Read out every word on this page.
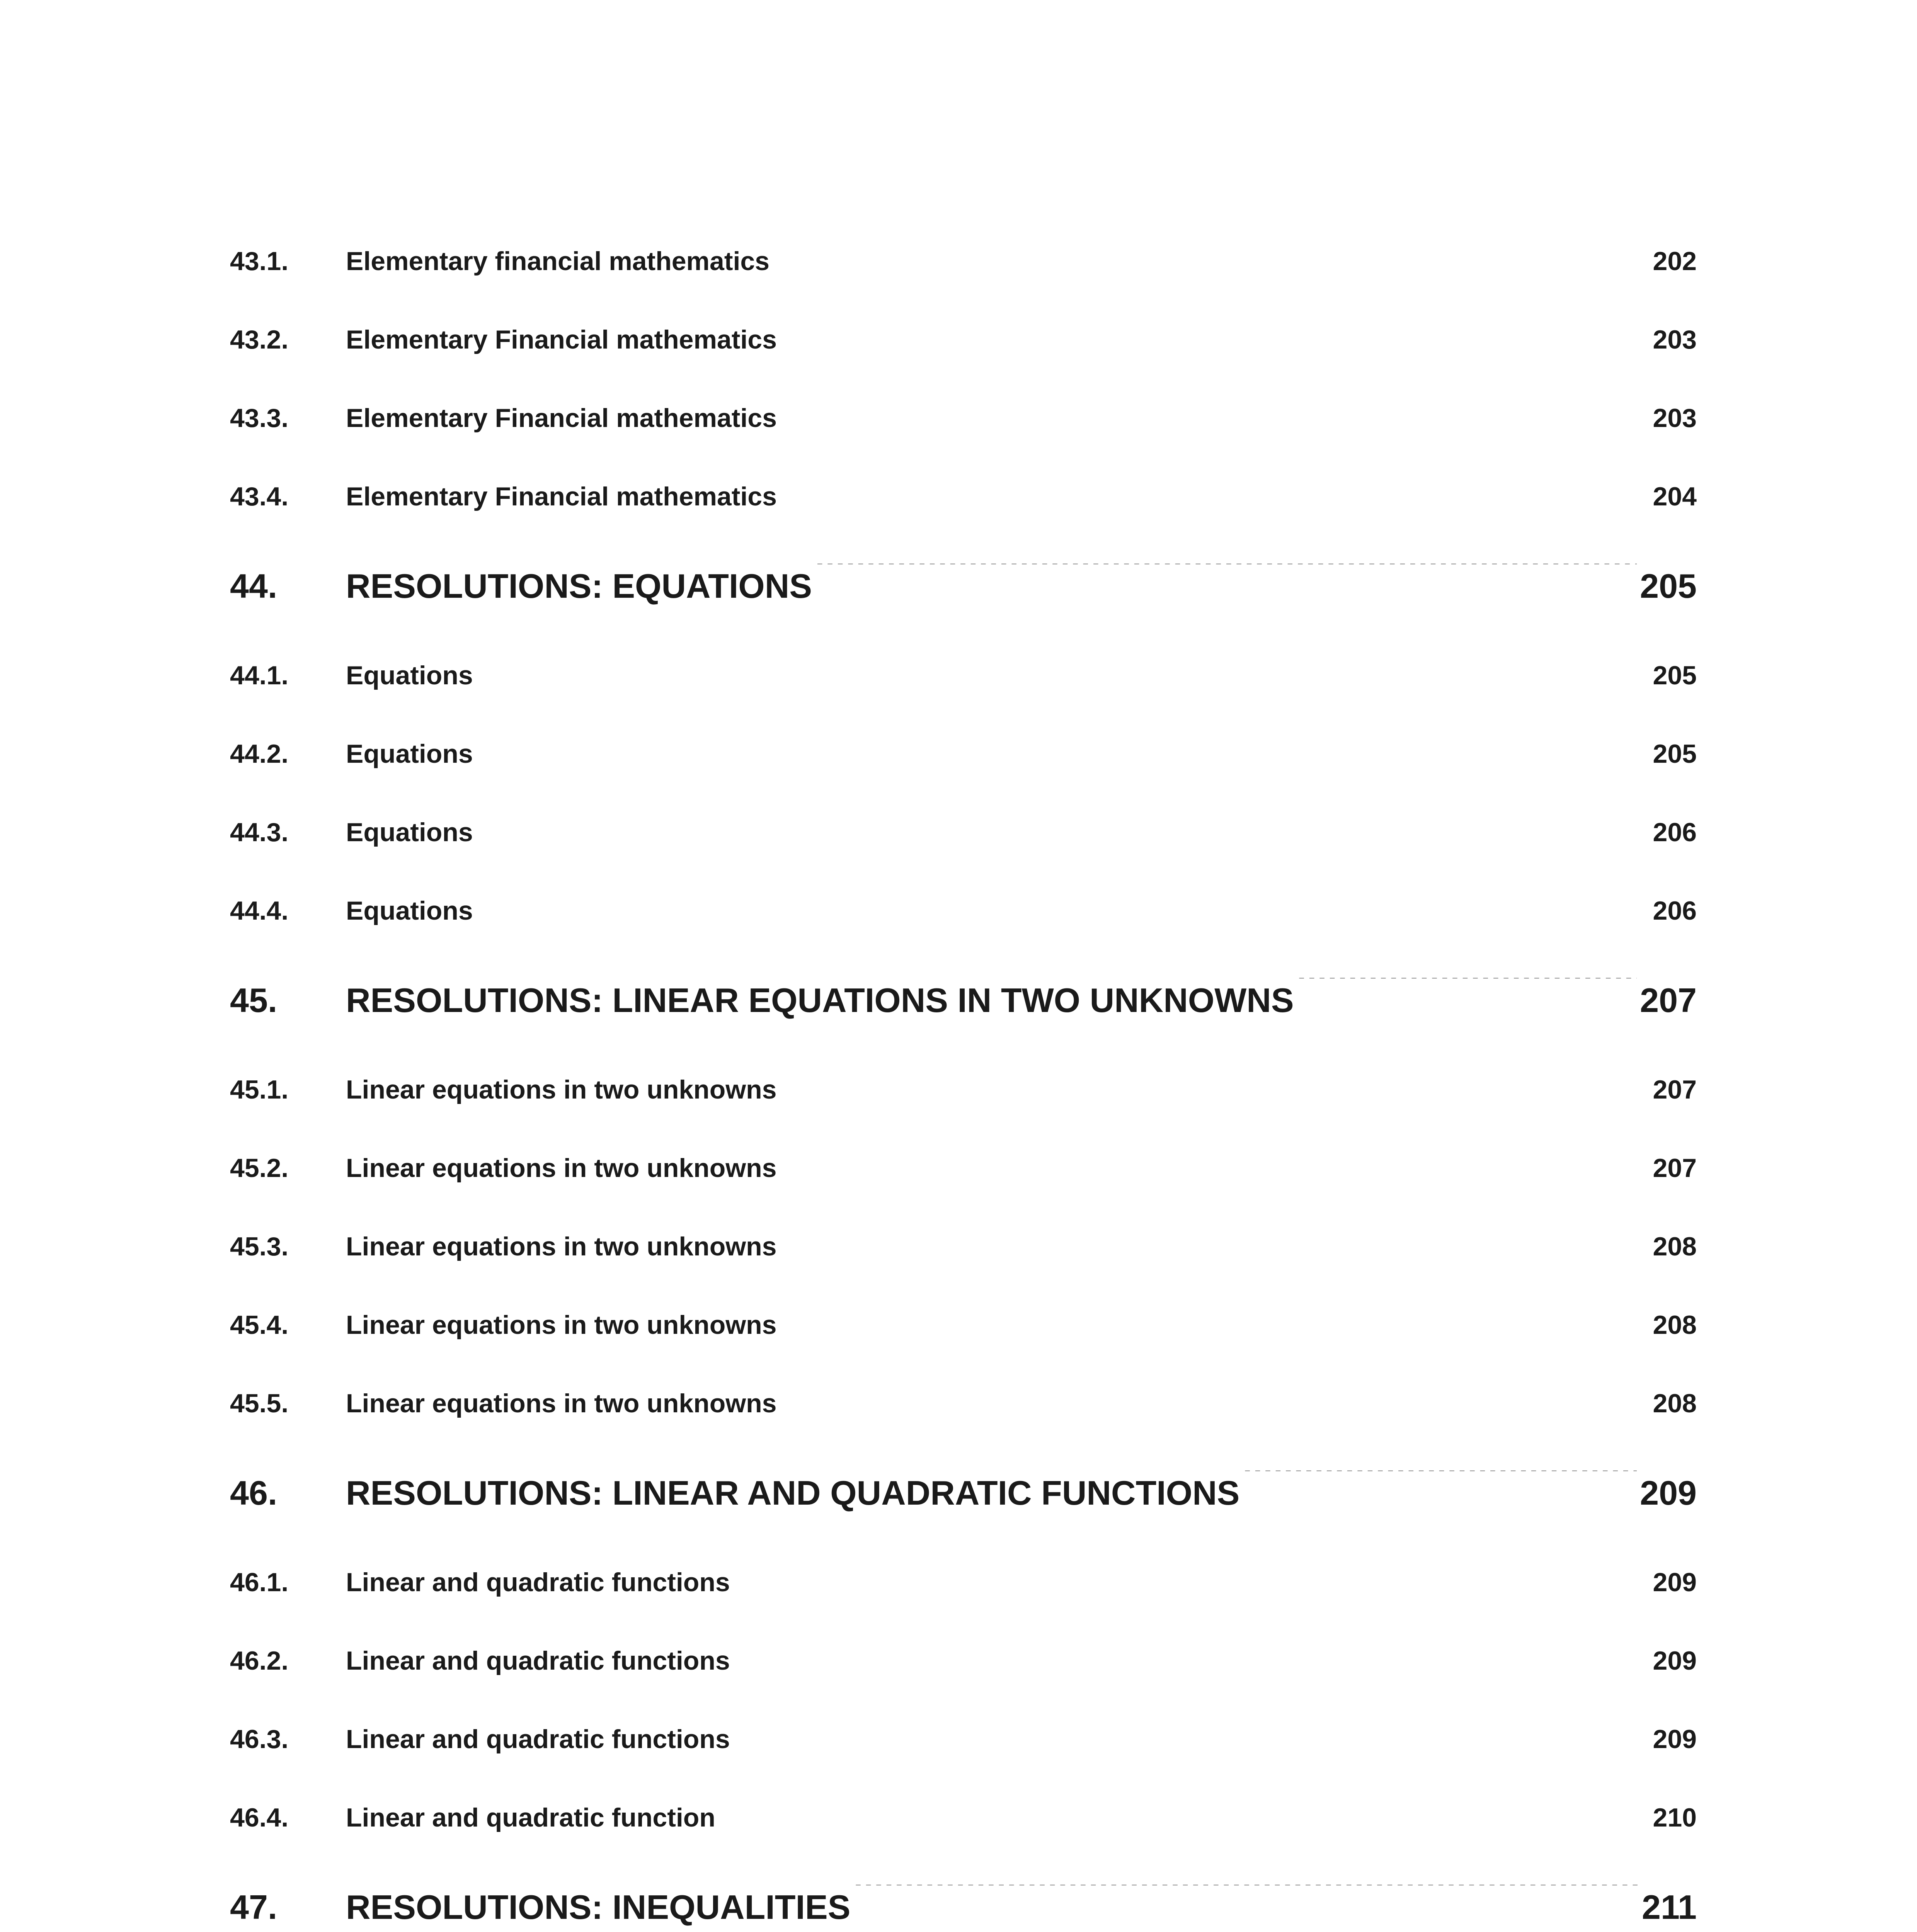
43.1.	Elementary financial mathematics .....	202
43.2.	Elementary Financial mathematics .....	203
43.3.	Elementary Financial mathematics .....	203
43.4.	Elementary Financial mathematics .....	204
44.	RESOLUTIONS: EQUATIONS .....	205
44.1.	Equations .....	205
44.2.	Equations .....	205
44.3.	Equations .....	206
44.4.	Equations .....	206
45.	RESOLUTIONS: LINEAR EQUATIONS IN TWO UNKNOWNS .....	207
45.1.	Linear equations in two unknowns .....	207
45.2.	Linear equations in two unknowns .....	207
45.3.	Linear equations in two unknowns .....	208
45.4.	Linear equations in two unknowns .....	208
45.5.	Linear equations in two unknowns .....	208
46.	RESOLUTIONS: LINEAR AND QUADRATIC FUNCTIONS .....	209
46.1.	Linear and quadratic functions .....	209
46.2.	Linear and quadratic functions .....	209
46.3.	Linear and quadratic functions .....	209
46.4.	Linear and quadratic function .....	210
47.	RESOLUTIONS: INEQUALITIES .....	211
